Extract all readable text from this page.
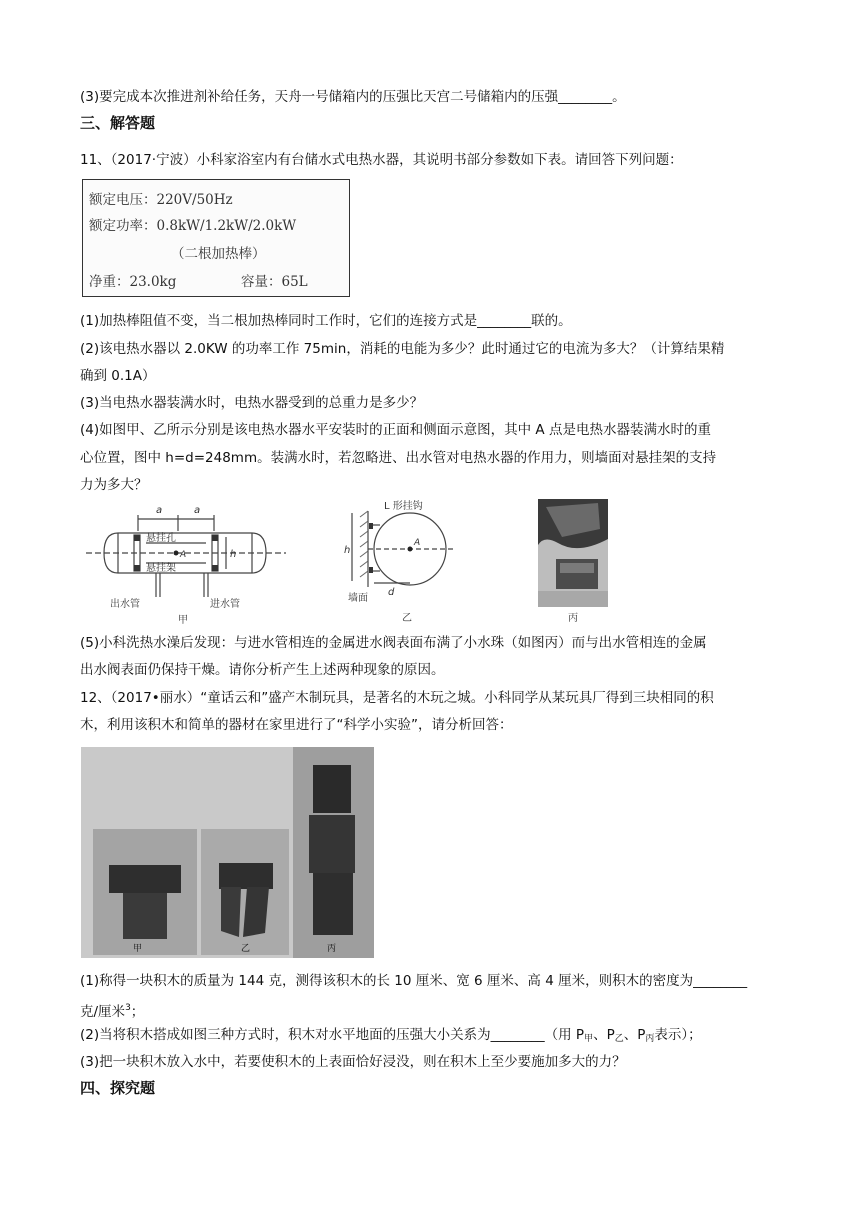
(3)要完成本次推进剂补给任务，天舟一号储箱内的压强比天宫二号储箱内的压强________。
三、解答题
11、（2017·宁波）小科家浴室内有台储水式电热水器，其说明书部分参数如下表。请回答下列问题：
额定电压：220V/50Hz
额定功率：0.8kW/1.2kW/2.0kW
（二根加热棒）
净重：23.0kg	容量：65L
(1)加热棒阻值不变，当二根加热棒同时工作时，它们的连接方式是________联的。
(2)该电热水器以 2.0KW 的功率工作 75min，消耗的电能为多少？此时通过它的电流为多大？（计算结果精
确到 0.1A）
(3)当电热水器装满水时，电热水器受到的总重力是多少？
(4)如图甲、乙所示分别是该电热水器水平安装时的正面和侧面示意图，其中 A 点是电热水器装满水时的重
心位置，图中 h=d=248mm。装满水时，若忽略进、出水管对电热水器的作用力，则墙面对悬挂架的支持
力为多大？
a	a
悬挂孔
悬挂架
A	h
出水管	进水管
甲
L 形挂钩
h
A
d
墙面
乙	丙
(5)小科洗热水澡后发现：与进水管相连的金属进水阀表面布满了小水珠（如图丙）而与出水管相连的金属
出水阀表面仍保持干燥。请你分析产生上述两种现象的原因。
12、（2017•丽水）“童话云和”盛产木制玩具，是著名的木玩之城。小科同学从某玩具厂得到三块相同的积
木，利用该积木和简单的器材在家里进行了“科学小实验”，请分析回答：
甲	乙	丙
(1)称得一块积木的质量为 144 克，测得该积木的长 10 厘米、宽 6 厘米、高 4 厘米，则积木的密度为________
克/厘米$^3$；
(2)当将积木搭成如图三种方式时，积木对水平地面的压强大小关系为________（用 $P_甲$、$P_乙$、$P_丙$表示）；
(3)把一块积木放入水中，若要使积木的上表面恰好浸没，则在积木上至少要施加多大的力？
四、探究题
